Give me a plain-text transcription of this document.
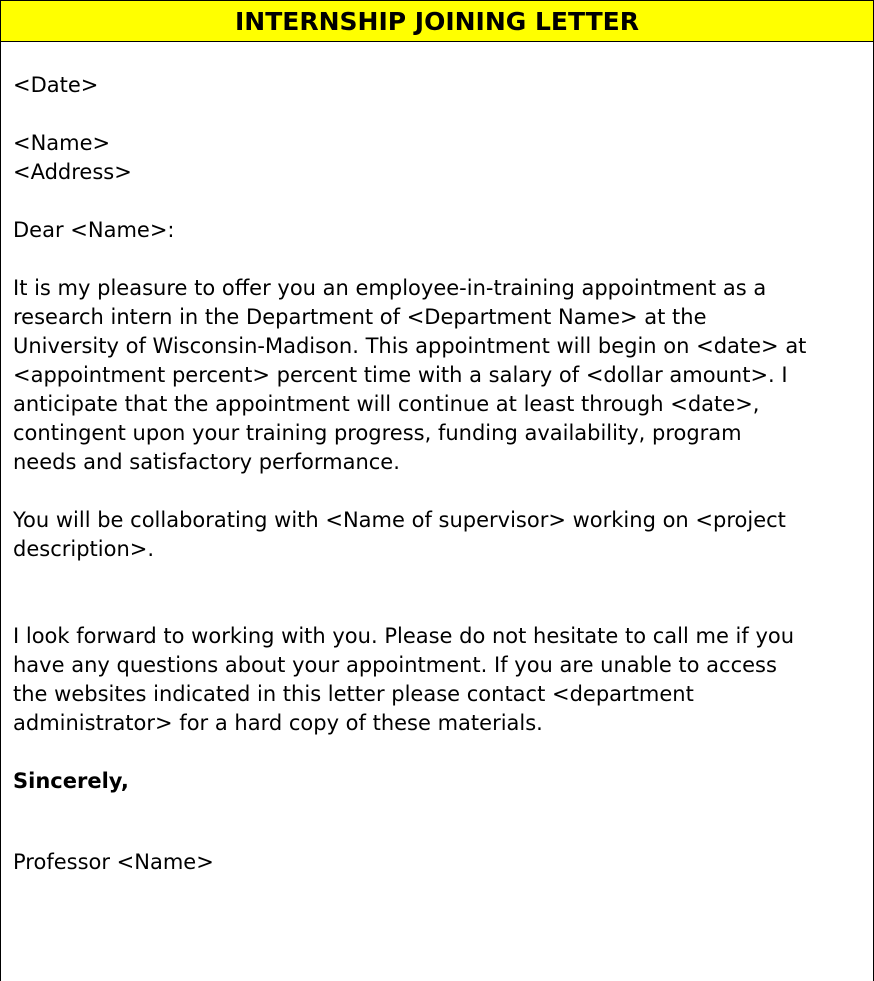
INTERNSHIP JOINING LETTER
<Date>
<Name>
<Address>
Dear <Name>:
It is my pleasure to offer you an employee-in-training appointment as a
research intern in the Department of <Department Name> at the
University of Wisconsin-Madison. This appointment will begin on <date> at
<appointment percent> percent time with a salary of <dollar amount>. I
anticipate that the appointment will continue at least through <date>,
contingent upon your training progress, funding availability, program
needs and satisfactory performance.
You will be collaborating with <Name of supervisor> working on <project
description>.
I look forward to working with you. Please do not hesitate to call me if you
have any questions about your appointment. If you are unable to access
the websites indicated in this letter please contact <department
administrator> for a hard copy of these materials.
Sincerely,
Professor <Name>
